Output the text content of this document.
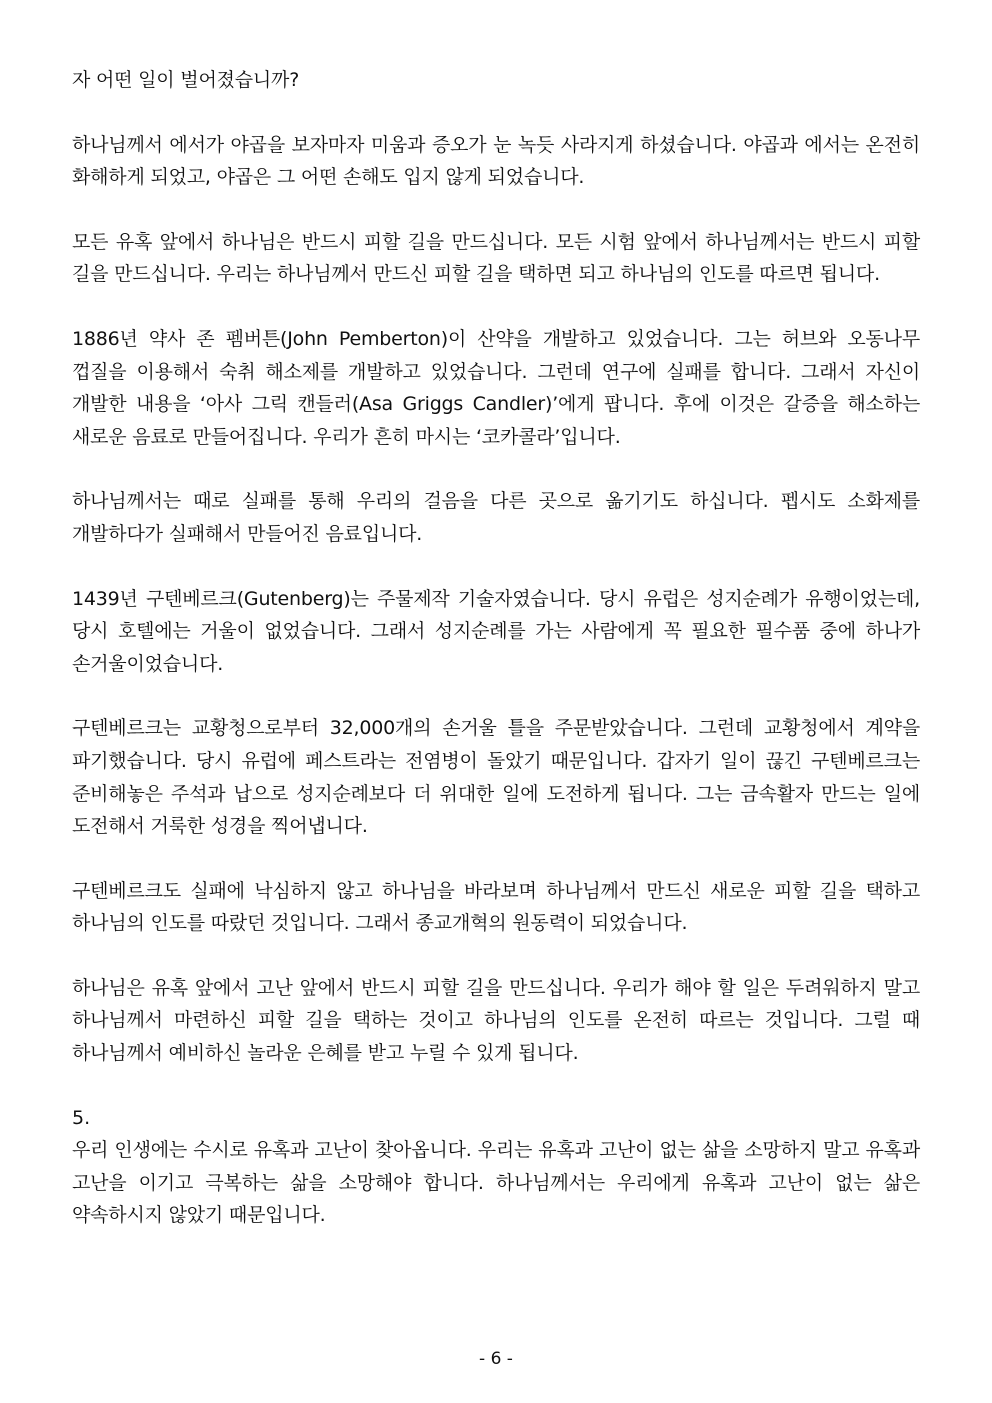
자 어떤 일이 벌어졌습니까?

하나님께서 에서가 야곱을 보자마자 미움과 증오가 눈 녹듯 사라지게 하셨습니다. 야곱과 에서는 온전히 화해하게 되었고, 야곱은 그 어떤 손해도 입지 않게 되었습니다.

모든 유혹 앞에서 하나님은 반드시 피할 길을 만드십니다. 모든 시험 앞에서 하나님께서는 반드시 피할 길을 만드십니다. 우리는 하나님께서 만드신 피할 길을 택하면 되고 하나님의 인도를 따르면 됩니다.

1886년 약사 존 펨버튼(John Pemberton)이 산약을 개발하고 있었습니다. 그는 허브와 오동나무 껍질을 이용해서 숙취 해소제를 개발하고 있었습니다. 그런데 연구에 실패를 합니다. 그래서 자신이 개발한 내용을 ‘아사 그릭 캔들러(Asa Griggs Candler)’에게 팝니다. 후에 이것은 갈증을 해소하는 새로운 음료로 만들어집니다. 우리가 흔히 마시는 ‘코카콜라’입니다.

하나님께서는 때로 실패를 통해 우리의 걸음을 다른 곳으로 옮기기도 하십니다. 펩시도 소화제를 개발하다가 실패해서 만들어진 음료입니다.

1439년 구텐베르크(Gutenberg)는 주물제작 기술자였습니다. 당시 유럽은 성지순례가 유행이었는데, 당시 호텔에는 거울이 없었습니다. 그래서 성지순례를 가는 사람에게 꼭 필요한 필수품 중에 하나가 손거울이었습니다.

구텐베르크는 교황청으로부터 32,000개의 손거울 틀을 주문받았습니다. 그런데 교황청에서 계약을 파기했습니다. 당시 유럽에 페스트라는 전염병이 돌았기 때문입니다. 갑자기 일이 끊긴 구텐베르크는 준비해놓은 주석과 납으로 성지순례보다 더 위대한 일에 도전하게 됩니다. 그는 금속활자 만드는 일에 도전해서 거룩한 성경을 찍어냅니다.

구텐베르크도 실패에 낙심하지 않고 하나님을 바라보며 하나님께서 만드신 새로운 피할 길을 택하고 하나님의 인도를 따랐던 것입니다. 그래서 종교개혁의 원동력이 되었습니다.

하나님은 유혹 앞에서 고난 앞에서 반드시 피할 길을 만드십니다. 우리가 해야 할 일은 두려워하지 말고 하나님께서 마련하신 피할 길을 택하는 것이고 하나님의 인도를 온전히 따르는 것입니다. 그럴 때 하나님께서 예비하신 놀라운 은혜를 받고 누릴 수 있게 됩니다.

5.

우리 인생에는 수시로 유혹과 고난이 찾아옵니다. 우리는 유혹과 고난이 없는 삶을 소망하지 말고 유혹과 고난을 이기고 극복하는 삶을 소망해야 합니다. 하나님께서는 우리에게 유혹과 고난이 없는 삶은 약속하시지 않았기 때문입니다.

- 6 -
